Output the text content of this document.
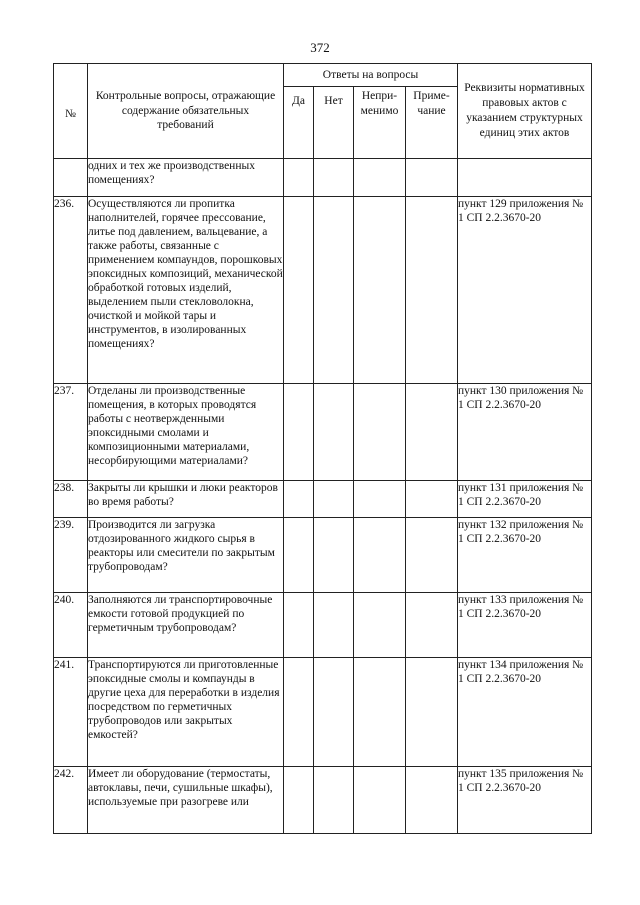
372
№	Контрольные вопросы, отражающие содержание обязательных требований	Ответы на вопросы				Реквизиты нормативных правовых актов с указанием структурных единиц этих актов
		Да	Нет	Непри-менимо	Приме-чание	
	одних и тех же производственных помещениях?					
236.	Осуществляются ли пропитка наполнителей, горячее прессование, литье под давлением, вальцевание, а также работы, связанные с применением компаундов, порошковых эпоксидных композиций, механической обработкой готовых изделий, выделением пыли стекловолокна, очисткой и мойкой тары и инструментов, в изолированных помещениях?					пункт 129 приложения № 1 СП 2.2.3670-20
237.	Отделаны ли производственные помещения, в которых проводятся работы с неотвержденными эпоксидными смолами и композиционными материалами, несорбирующими материалами?					пункт 130 приложения № 1 СП 2.2.3670-20
238.	Закрыты ли крышки и люки реакторов во время работы?					пункт 131 приложения № 1 СП 2.2.3670-20
239.	Производится ли загрузка отдозированного жидкого сырья в реакторы или смесители по закрытым трубопроводам?					пункт 132 приложения № 1 СП 2.2.3670-20
240.	Заполняются ли транспортировочные емкости готовой продукцией по герметичным трубопроводам?					пункт 133 приложения № 1 СП 2.2.3670-20
241.	Транспортируются ли приготовленные эпоксидные смолы и компаунды в другие цеха для переработки в изделия посредством по герметичных трубопроводов или закрытых емкостей?					пункт 134 приложения № 1 СП 2.2.3670-20
242.	Имеет ли оборудование (термостаты, автоклавы, печи, сушильные шкафы), используемые при разогреве или					пункт 135 приложения № 1 СП 2.2.3670-20
